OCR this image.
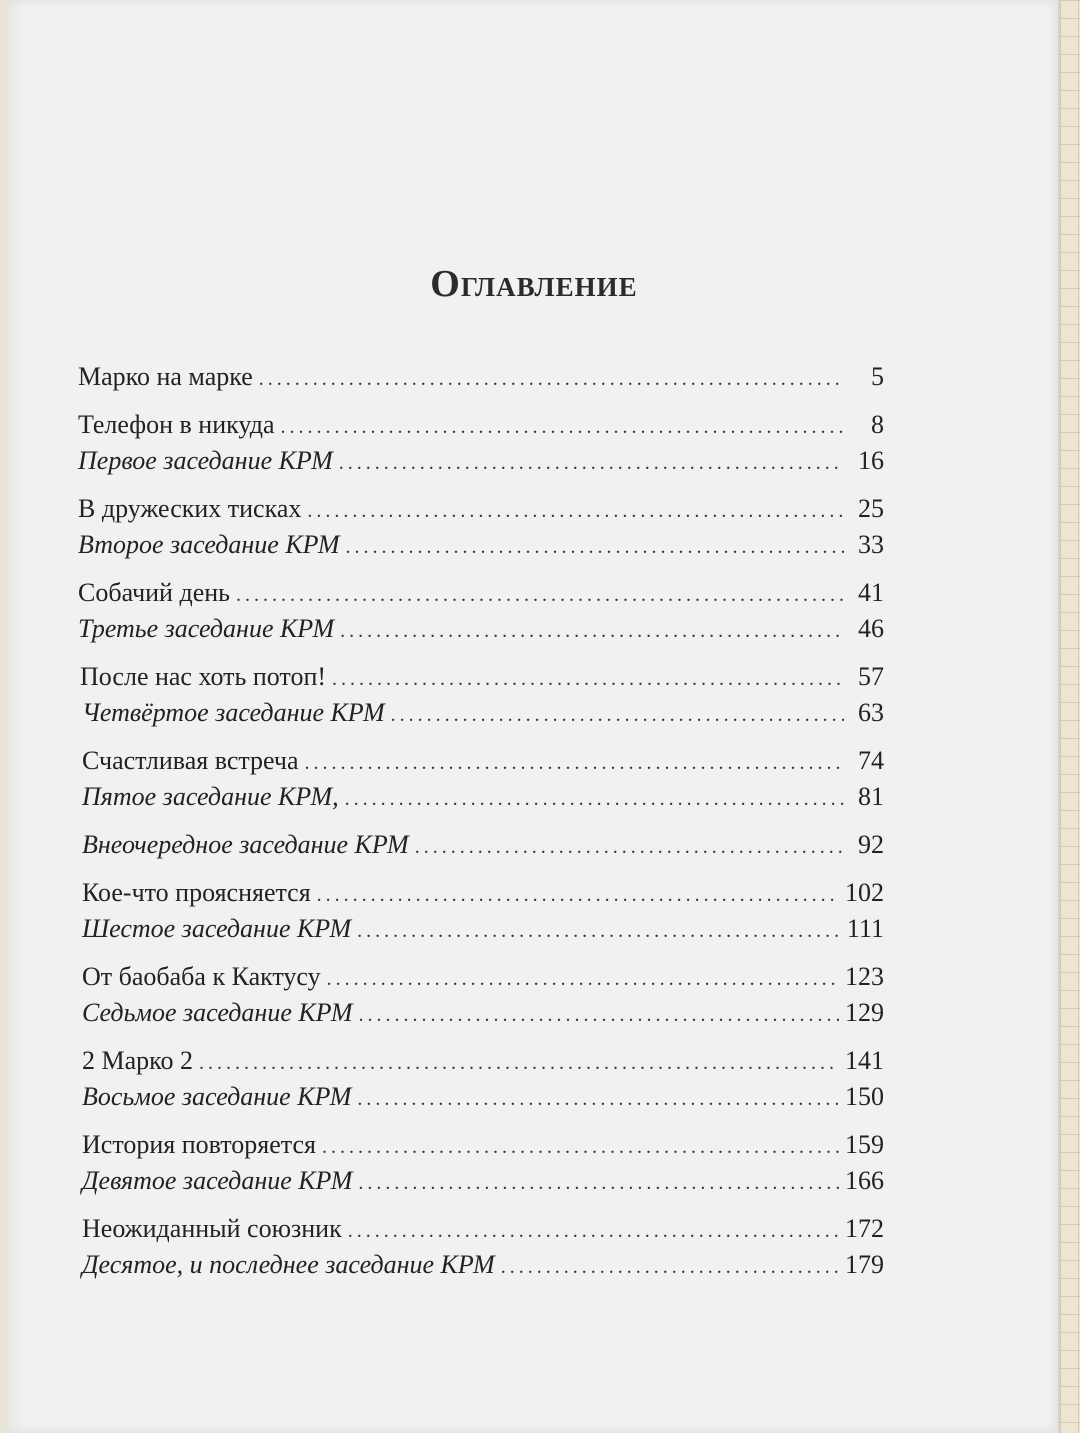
Оглавление
Марко на марке .....	5
Телефон в никуда .....	8
Первое заседание КРМ .....	16
В дружеских тисках .....	25
Второе заседание КРМ .....	33
Собачий день .....	41
Третье заседание КРМ .....	46
После нас хоть потоп! .....	57
Четвёртое заседание КРМ .....	63
Счастливая встреча .....	74
Пятое заседание КРМ, .....	81
Внеочередное заседание КРМ .....	92
Кое-что проясняется .....	102
Шестое заседание КРМ .....	111
От баобаба к Кактусу .....	123
Седьмое заседание КРМ .....	129
2 Марко 2 .....	141
Восьмое заседание КРМ .....	150
История повторяется .....	159
Девятое заседание КРМ .....	166
Неожиданный союзник .....	172
Десятое, и последнее заседание КРМ .....	179
